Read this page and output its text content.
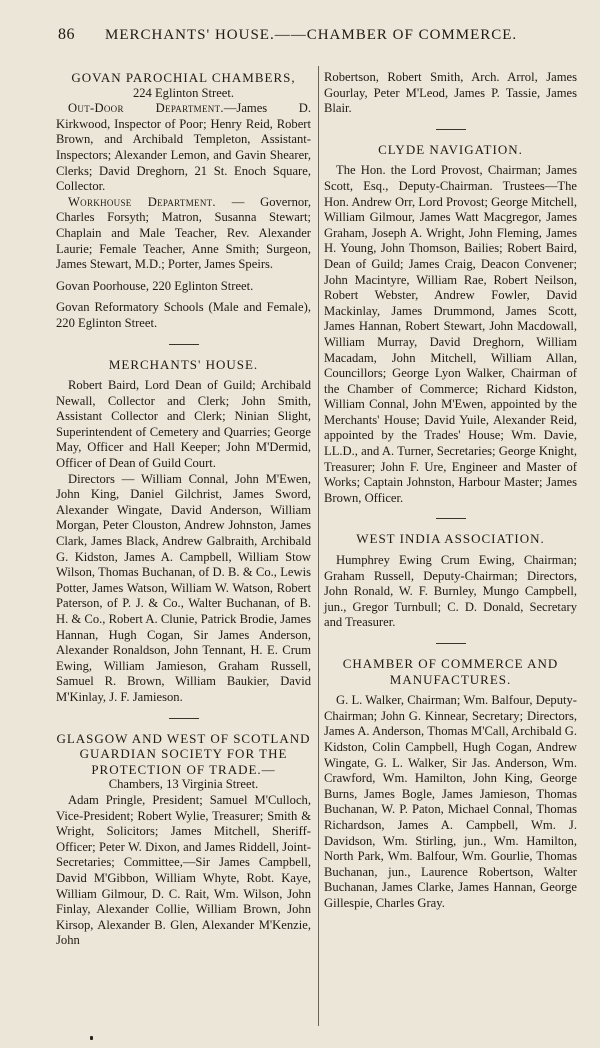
86 MERCHANTS' HOUSE.——CHAMBER OF COMMERCE.
GOVAN PAROCHIAL CHAMBERS,
224 Eglinton Street.

Out-Door Department.—James D. Kirkwood, Inspector of Poor; Henry Reid, Robert Brown, and Archibald Templeton, Assistant-Inspectors; Alexander Lemon, and Gavin Shearer, Clerks; David Dreghorn, 21 St. Enoch Square, Collector.

Workhouse Department. — Governor, Charles Forsyth; Matron, Susanna Stewart; Chaplain and Male Teacher, Rev. Alexander Laurie; Female Teacher, Anne Smith; Surgeon, James Stewart, M.D.; Porter, James Speirs.

Govan Poorhouse, 220 Eglinton Street.

Govan Reformatory Schools (Male and Female), 220 Eglinton Street.

MERCHANTS' HOUSE.

Robert Baird, Lord Dean of Guild; Archibald Newall, Collector and Clerk; John Smith, Assistant Collector and Clerk; Ninian Slight, Superintendent of Cemetery and Quarries; George May, Officer and Hall Keeper; John M'Dermid, Officer of Dean of Guild Court.

Directors — William Connal, John M'Ewen, John King, Daniel Gilchrist, James Sword, Alexander Wingate, David Anderson, William Morgan, Peter Clouston, Andrew Johnston, James Clark, James Black, Andrew Galbraith, Archibald G. Kidston, James A. Campbell, William Stow Wilson, Thomas Buchanan, of D. B. & Co., Lewis Potter, James Watson, William W. Watson, Robert Paterson, of P. J. & Co., Walter Buchanan, of B. H. & Co., Robert A. Clunie, Patrick Brodie, James Hannan, Hugh Cogan, Sir James Anderson, Alexander Ronaldson, John Tennant, H. E. Crum Ewing, William Jamieson, Graham Russell, Samuel R. Brown, William Baukier, David M'Kinlay, J. F. Jamieson.

GLASGOW AND WEST OF SCOTLAND GUARDIAN SOCIETY FOR THE PROTECTION OF TRADE.—
Chambers, 13 Virginia Street.

Adam Pringle, President; Samuel M'Culloch, Vice-President; Robert Wylie, Treasurer; Smith & Wright, Solicitors; James Mitchell, Sheriff-Officer; Peter W. Dixon, and James Riddell, Joint-Secretaries; Committee,—Sir James Campbell, David M'Gibbon, William Whyte, Robt. Kaye, William Gilmour, D. C. Rait, Wm. Wilson, John Finlay, Alexander Collie, William Brown, John Kirsop, Alexander B. Glen, Alexander M'Kenzie, John

Robertson, Robert Smith, Arch. Arrol, James Gourlay, Peter M'Leod, James P. Tassie, James Blair.

CLYDE NAVIGATION.

The Hon. the Lord Provost, Chairman; James Scott, Esq., Deputy-Chairman. Trustees—The Hon. Andrew Orr, Lord Provost; George Mitchell, William Gilmour, James Watt Macgregor, James Graham, Joseph A. Wright, John Fleming, James H. Young, John Thomson, Bailies; Robert Baird, Dean of Guild; James Craig, Deacon Convener; John Macintyre, William Rae, Robert Neilson, Robert Webster, Andrew Fowler, David Mackinlay, James Drummond, James Scott, James Hannan, Robert Stewart, John Macdowall, William Murray, David Dreghorn, William Macadam, John Mitchell, William Allan, Councillors; George Lyon Walker, Chairman of the Chamber of Commerce; Richard Kidston, William Connal, John M'Ewen, appointed by the Merchants' House; David Yuile, Alexander Reid, appointed by the Trades' House; Wm. Davie, LL.D., and A. Turner, Secretaries; George Knight, Treasurer; John F. Ure, Engineer and Master of Works; Captain Johnston, Harbour Master; James Brown, Officer.

WEST INDIA ASSOCIATION.

Humphrey Ewing Crum Ewing, Chairman; Graham Russell, Deputy-Chairman; Directors, John Ronald, W. F. Burnley, Mungo Campbell, jun., Gregor Turnbull; C. D. Donald, Secretary and Treasurer.

CHAMBER OF COMMERCE AND MANUFACTURES.

G. L. Walker, Chairman; Wm. Balfour, Deputy-Chairman; John G. Kinnear, Secretary; Directors, James A. Anderson, Thomas M'Call, Archibald G. Kidston, Colin Campbell, Hugh Cogan, Andrew Wingate, G. L. Walker, Sir Jas. Anderson, Wm. Crawford, Wm. Hamilton, John King, George Burns, James Bogle, James Jamieson, Thomas Buchanan, W. P. Paton, Michael Connal, Thomas Richardson, James A. Campbell, Wm. J. Davidson, Wm. Stirling, jun., Wm. Hamilton, North Park, Wm. Balfour, Wm. Gourlie, Thomas Buchanan, jun., Laurence Robertson, Walter Buchanan, James Clarke, James Hannan, George Gillespie, Charles Gray.
